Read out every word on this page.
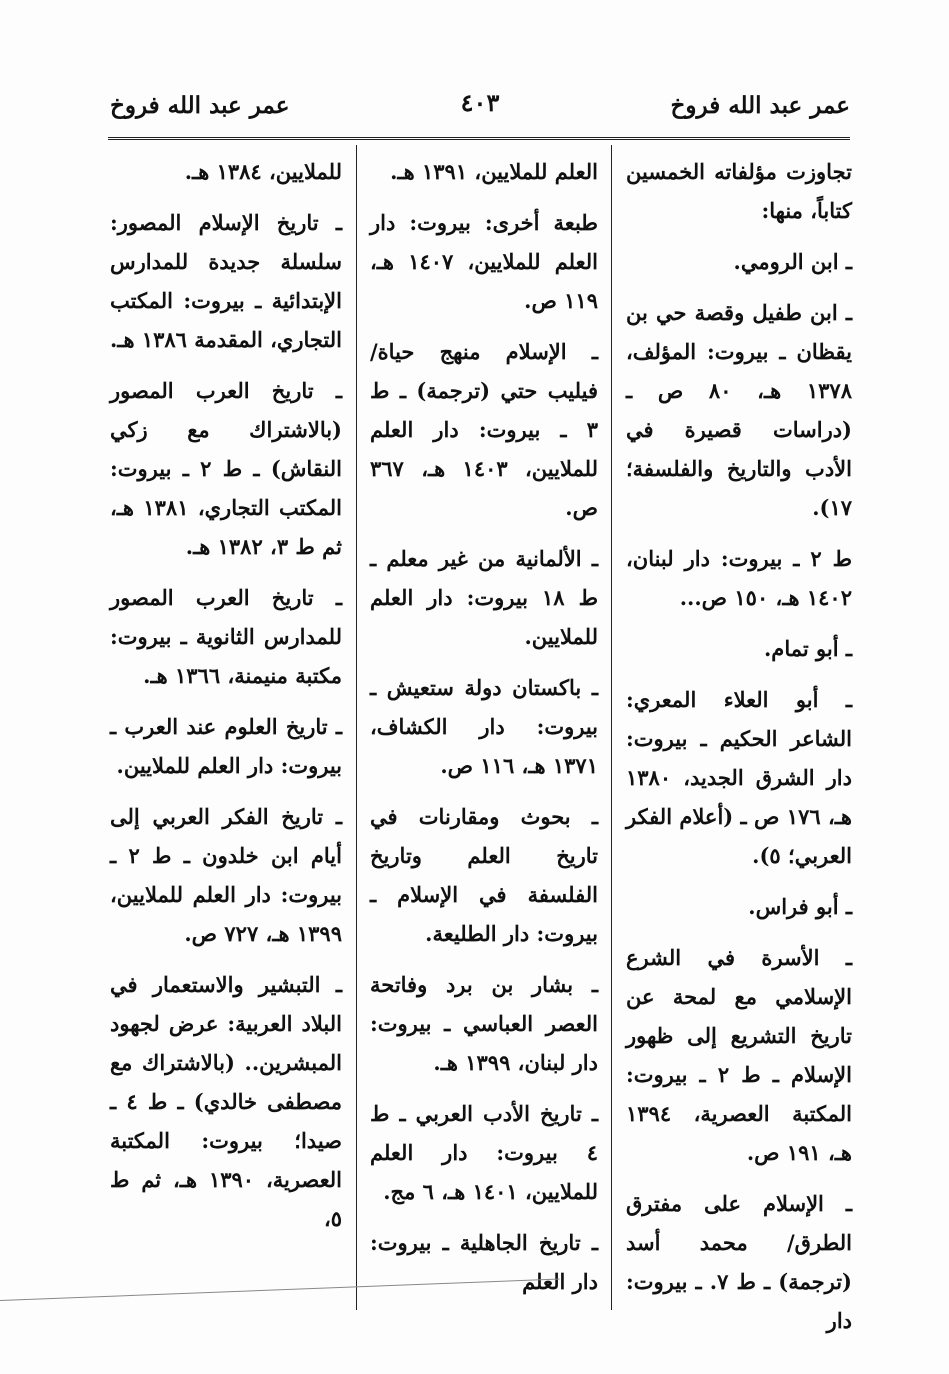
عمر عبد الله فروخ
٤٠٣
عمر عبد الله فروخ

تجاوزت مؤلفاته الخمسين كتاباً، منها:

ـ ابن الرومي.

ـ ابن طفيل وقصة حي بن يقظان ـ بيروت: المؤلف، ١٣٧٨ هـ، ٨٠ ص ـ (دراسات قصيرة في الأدب والتاريخ والفلسفة؛ ١٧).

ط ٢ ـ بيروت: دار لبنان، ١٤٠٢ هـ، ١٥٠ ص...

ـ أبو تمام.

ـ أبو العلاء المعري: الشاعر الحكيم ـ بيروت: دار الشرق الجديد، ١٣٨٠ هـ، ١٧٦ ص ـ (أعلام الفكر العربي؛ ٥).

ـ أبو فراس.

ـ الأسرة في الشرع الإسلامي مع لمحة عن تاريخ التشريع إلى ظهور الإسلام ـ ط ٢ ـ بيروت: المكتبة العصرية، ١٣٩٤ هـ، ١٩١ ص.

ـ الإسلام على مفترق الطرق/ محمد أسد (ترجمة) ـ ط ٧. ـ بيروت: دار

العلم للملايين، ١٣٩١ هـ.

طبعة أخرى: بيروت: دار العلم للملايين، ١٤٠٧ هـ، ١١٩ ص.

ـ الإسلام منهج حياة/ فيليب حتي (ترجمة) ـ ط ٣ ـ بيروت: دار العلم للملايين، ١٤٠٣ هـ، ٣٦٧ ص.

ـ الألمانية من غير معلم ـ ط ١٨ بيروت: دار العلم للملايين.

ـ باكستان دولة ستعيش ـ بيروت: دار الكشاف، ١٣٧١ هـ، ١١٦ ص.

ـ بحوث ومقارنات في تاريخ العلم وتاريخ الفلسفة في الإسلام ـ بيروت: دار الطليعة.

ـ بشار بن برد وفاتحة العصر العباسي ـ بيروت: دار لبنان، ١٣٩٩ هـ.

ـ تاريخ الأدب العربي ـ ط ٤ بيروت: دار العلم للملايين، ١٤٠١ هـ، ٦ مج.

ـ تاريخ الجاهلية ـ بيروت: دار العلم

للملايين، ١٣٨٤ هـ.

ـ تاريخ الإسلام المصور: سلسلة جديدة للمدارس الإبتدائية ـ بيروت: المكتب التجاري، المقدمة ١٣٨٦ هـ.

ـ تاريخ العرب المصور (بالاشتراك مع زكي النقاش) ـ ط ٢ ـ بيروت: المكتب التجاري، ١٣٨١ هـ، ثم ط ٣، ١٣٨٢ هـ.

ـ تاريخ العرب المصور للمدارس الثانوية ـ بيروت: مكتبة منيمنة، ١٣٦٦ هـ.

ـ تاريخ العلوم عند العرب ـ بيروت: دار العلم للملايين.

ـ تاريخ الفكر العربي إلى أيام ابن خلدون ـ ط ٢ ـ بيروت: دار العلم للملايين، ١٣٩٩ هـ، ٧٢٧ ص.

ـ التبشير والاستعمار في البلاد العربية: عرض لجهود المبشرين.. (بالاشتراك مع مصطفى خالدي) ـ ط ٤ ـ صيدا؛ بيروت: المكتبة العصرية، ١٣٩٠ هـ، ثم ط ٥،
